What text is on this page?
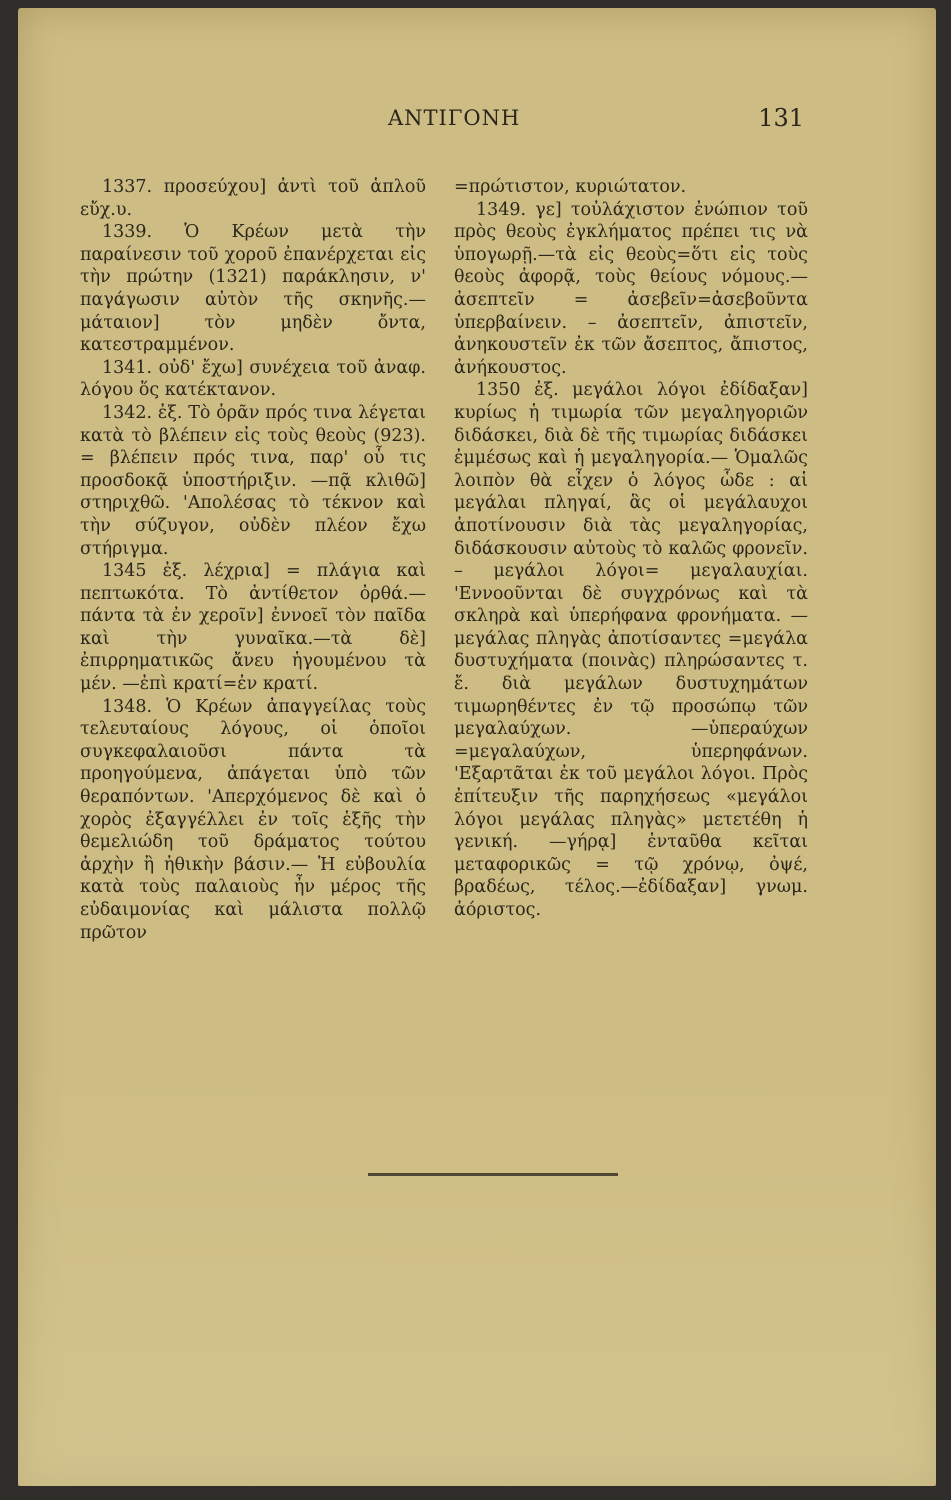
ΑΝΤΙΓΟΝΗ	131

1337. προσεύχου] ἀντὶ τοῦ ἁπλοῦ εὔχ.υ.

1339. Ὁ Κρέων μετὰ τὴν παραίνεσιν τοῦ χοροῦ ἐπανέρχεται εἰς τὴν πρώτην (1321) παράκλησιν, ν' παγάγωσιν αὐτὸν τῆς σκηνῆς.— μάταιον] τὸν μηδὲν ὄντα, κατεστραμμένον.

1341. οὐδ' ἔχω] συνέχεια τοῦ ἀναφ. λόγου ὅς κατέκτανον.

1342. ἐξ. Τὸ ὁρᾶν πρός τινα λέγεται κατὰ τὸ βλέπειν εἰς τοὺς θεοὺς (923). = βλέπειν πρός τινα, παρ' οὗ τις προσδοκᾷ ὑποστήριξιν. —πᾷ κλιθῶ] στηριχθῶ. 'Απολέσας τὸ τέκνον καὶ τὴν σύζυγον, οὐδὲν πλέον ἔχω στήριγμα.

1345 ἐξ. λέχρια] = πλάγια καὶ πεπτωκότα. Τὸ ἀντίθετον ὀρθά.— πάντα τὰ ἐν χεροῖν] ἐννοεῖ τὸν παῖδα καὶ τὴν γυναῖκα.—τὰ δὲ] ἐπιρρηματικῶς ἄνευ ἡγουμένου τὰ μέν. —ἐπὶ κρατί=ἐν κρατί.

1348. Ὁ Κρέων ἀπαγγείλας τοὺς τελευταίους λόγους, οἱ ὁποῖοι συγκεφαλαιοῦσι πάντα τὰ προηγούμενα, ἀπάγεται ὑπὸ τῶν θεραπόντων. 'Απερχόμενος δὲ καὶ ὁ χορὸς ἐξαγγέλλει ἐν τοῖς ἑξῆς τὴν θεμελιώδη τοῦ δράματος τούτου ἀρχὴν ἢ ἠθικὴν βάσιν.— Ἡ εὐβουλία κατὰ τοὺς παλαιοὺς ἦν μέρος τῆς εὐδαιμονίας καὶ μάλιστα πολλῷ πρῶτον

=πρώτιστον, κυριώτατον.

1349. γε] τοὐλάχιστον ἐνώπιον τοῦ πρὸς θεοὺς ἐγκλήματος πρέπει τις νὰ ὑπογωρῇ.—τὰ εἰς θεοὺς=ὅτι εἰς τοὺς θεοὺς ἀφορᾷ, τοὺς θείους νόμους.—ἀσεπτεῖν = ἀσεβεῖν=ἀσεβοῦντα ὑπερβαίνειν. – ἀσεπτεῖν, ἀπιστεῖν, ἀνηκουστεῖν ἐκ τῶν ἄσεπτος, ἄπιστος, ἀνήκουστος.

1350 ἐξ. μεγάλοι λόγοι ἐδίδαξαν] κυρίως ἡ τιμωρία τῶν μεγαληγοριῶν διδάσκει, διὰ δὲ τῆς τιμωρίας διδάσκει ἐμμέσως καὶ ἡ μεγαληγορία.— Ὁμαλῶς λοιπὸν θὰ εἶχεν ὁ λόγος ὧδε : αἱ μεγάλαι πληγαί, ἃς οἱ μεγάλαυχοι ἀποτίνουσιν διὰ τὰς μεγαληγορίας, διδάσκουσιν αὐτοὺς τὸ καλῶς φρονεῖν. – μεγάλοι λόγοι= μεγαλαυχίαι. 'Εννοοῦνται δὲ συγχρόνως καὶ τὰ σκληρὰ καὶ ὑπερήφανα φρονήματα. —μεγάλας πληγὰς ἀποτίσαντες =μεγάλα δυστυχήματα (ποινὰς) πληρώσαντες τ. ἔ. διὰ μεγάλων δυστυχημάτων τιμωρηθέντες ἐν τῷ προσώπῳ τῶν μεγαλαύχων. —ὑπεραύχων =μεγαλαύχων, ὑπερηφάνων. 'Εξαρτᾶται ἐκ τοῦ μεγάλοι λόγοι. Πρὸς ἐπίτευξιν τῆς παρηχήσεως «μεγάλοι λόγοι μεγάλας πληγὰς» μετετέθη ἡ γενική. —γήρᾳ] ἐνταῦθα κεῖται μεταφορικῶς = τῷ χρόνῳ, ὀψέ, βραδέως, τέλος.—ἐδίδαξαν] γνωμ. ἀόριστος.
